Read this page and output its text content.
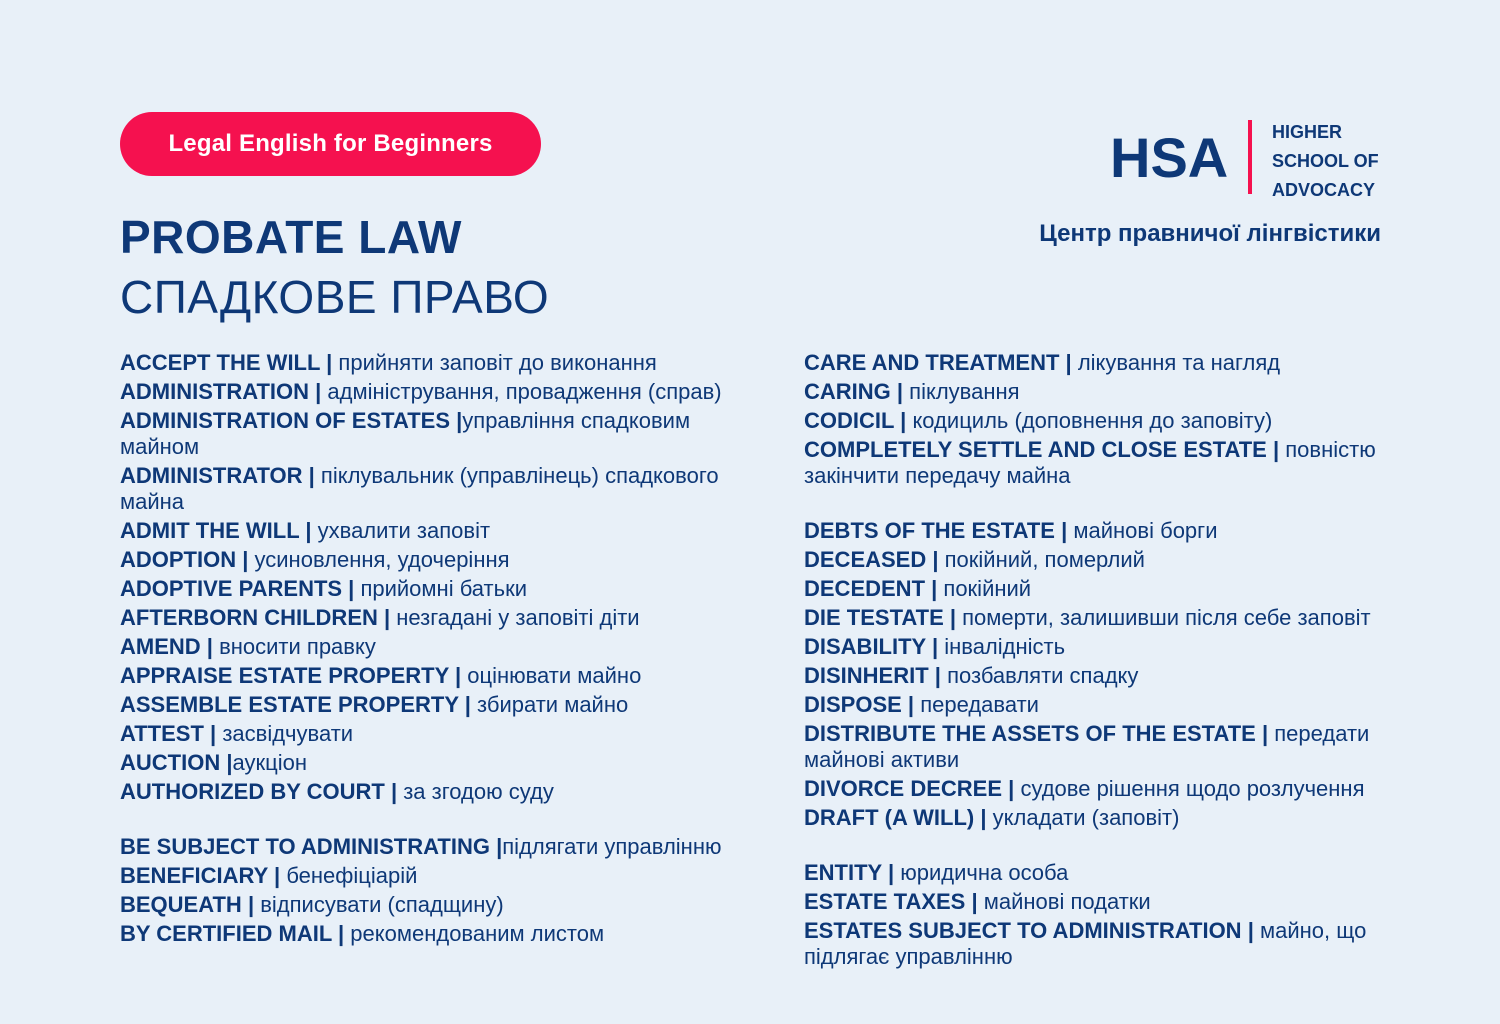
Legal English for Beginners
PROBATE LAW
СПАДКОВЕ ПРАВО
HSA HIGHER
SCHOOL OF
ADVOCACY
Центр правничої лінгвістики
ACCEPT THE WILL | прийняти заповіт до виконання
ADMINISTRATION | адміністрування, провадження (справ)
ADMINISTRATION OF ESTATES |управління спадковим майном
ADMINISTRATOR | піклувальник (управлінець) спадкового майна
ADMIT THE WILL | ухвалити заповіт
ADOPTION | усиновлення, удочеріння
ADOPTIVE PARENTS | прийомні батьки
AFTERBORN CHILDREN | незгадані у заповіті діти
AMEND | вносити правку
APPRAISE ESTATE PROPERTY | оцінювати майно
ASSEMBLE ESTATE PROPERTY | збирати майно
ATTEST | засвідчувати
AUCTION |аукціон
AUTHORIZED BY COURT | за згодою суду
BE SUBJECT TO ADMINISTRATING |підлягати управлінню
BENEFICIARY | бенефіціарій
BEQUEATH | відписувати (спадщину)
BY CERTIFIED MAIL | рекомендованим листом
CARE AND TREATMENT | лікування та нагляд
CARING | піклування
CODICIL | кодициль (доповнення до заповіту)
COMPLETELY SETTLE AND CLOSE ESTATE | повністю закінчити передачу майна
DEBTS OF THE ESTATE | майнові борги
DECEASED | покійний, померлий
DECEDENT | покійний
DIE TESTATE | померти, залишивши після себе заповіт
DISABILITY | інвалідність
DISINHERIT | позбавляти спадку
DISPOSE | передавати
DISTRIBUTE THE ASSETS OF THE ESTATE | передати майнові активи
DIVORCE DECREE | судове рішення щодо розлучення
DRAFT (A WILL) | укладати (заповіт)
ENTITY | юридична особа
ESTATE TAXES | майнові податки
ESTATES SUBJECT TO ADMINISTRATION | майно, що підлягає управлінню
